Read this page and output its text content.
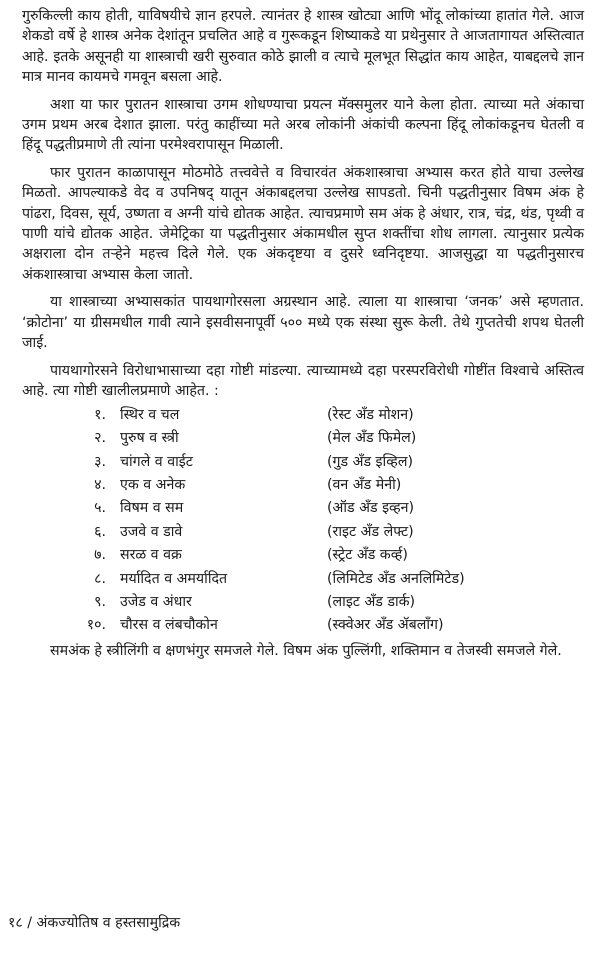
गुरुकिल्ली काय होती, याविषयीचे ज्ञान हरपले. त्यानंतर हे शास्त्र खोट्या आणि भोंदू लोकांच्या हातांत गेले. आज शेकडो वर्षे हे शास्त्र अनेक देशांतून प्रचलित आहे व गुरूकडून शिष्याकडे या प्रथेनुसार ते आजतागायत अस्तित्वात आहे. इतके असूनही या शास्त्राची खरी सुरुवात कोठे झाली व त्याचे मूलभूत सिद्धांत काय आहेत, याबद्दलचे ज्ञान मात्र मानव कायमचे गमवून बसला आहे.

अशा या फार पुरातन शास्त्राचा उगम शोधण्याचा प्रयत्न मॅक्समुलर याने केला होता. त्याच्या मते अंकाचा उगम प्रथम अरब देशात झाला. परंतु काहींच्या मते अरब लोकांनी अंकांची कल्पना हिंदू लोकांकडूनच घेतली व हिंदू पद्धतीप्रमाणे ती त्यांना परमेश्वरापासून मिळाली.

फार पुरातन काळापासून मोठमोठे तत्त्ववेत्ते व विचारवंत अंकशास्त्राचा अभ्यास करत होते याचा उल्लेख मिळतो. आपल्याकडे वेद व उपनिषद् यातून अंकाबद्दलचा उल्लेख सापडतो. चिनी पद्धतीनुसार विषम अंक हे पांढरा, दिवस, सूर्य, उष्णता व अग्नी यांचे द्योतक आहेत. त्याचप्रमाणे सम अंक हे अंधार, रात्र, चंद्र, थंड, पृथ्वी व पाणी यांचे द्योतक आहेत. जेमेट्रिका या पद्धतीनुसार अंकामधील सुप्त शक्तींचा शोध लागला. त्यानुसार प्रत्येक अक्षराला दोन तऱ्हेने महत्त्व दिले गेले. एक अंकदृष्टया व दुसरे ध्वनिदृष्टया. आजसुद्धा या पद्धतीनुसारच अंकशास्त्राचा अभ्यास केला जातो.

या शास्त्राच्या अभ्यासकांत पायथागोरसला अग्रस्थान आहे. त्याला या शास्त्राचा ‘जनक’ असे म्हणतात. ‘क्रोटोना’ या ग्रीसमधील गावी त्याने इसवीसनापूर्वी ५०० मध्ये एक संस्था सुरू केली. तेथे गुप्ततेची शपथ घेतली जाई.

पायथागोरसने विरोधाभासाच्या दहा गोष्टी मांडल्या. त्याच्यामध्ये दहा परस्परविरोधी गोष्टींत विश्वाचे अस्तित्व आहे. त्या गोष्टी खालीलप्रमाणे आहेत. :

१. स्थिर व चल	(रेस्ट अँड मोशन)
२. पुरुष व स्त्री	(मेल अँड फिमेल)
३. चांगले व वाईट	(गुड अँड इव्हिल)
४. एक व अनेक	(वन अँड मेनी)
५. विषम व सम	(ऑड अँड इव्हन)
६. उजवे व डावे	(राइट अँड लेफ्ट)
७. सरळ व वक्र	(स्ट्रेट अँड कर्व्ह)
८. मर्यादित व अमर्यादित	(लिमिटेड अँड अनलिमिटेड)
९. उजेड व अंधार	(लाइट अँड डार्क)
१०. चौरस व लंबचौकोन	(स्क्वेअर अँड ॲबलाँग)

समअंक हे स्त्रीलिंगी व क्षणभंगुर समजले गेले. विषम अंक पुल्लिंगी, शक्तिमान व तेजस्वी समजले गेले.

१८ / अंकज्योतिष व हस्तसामुद्रिक
